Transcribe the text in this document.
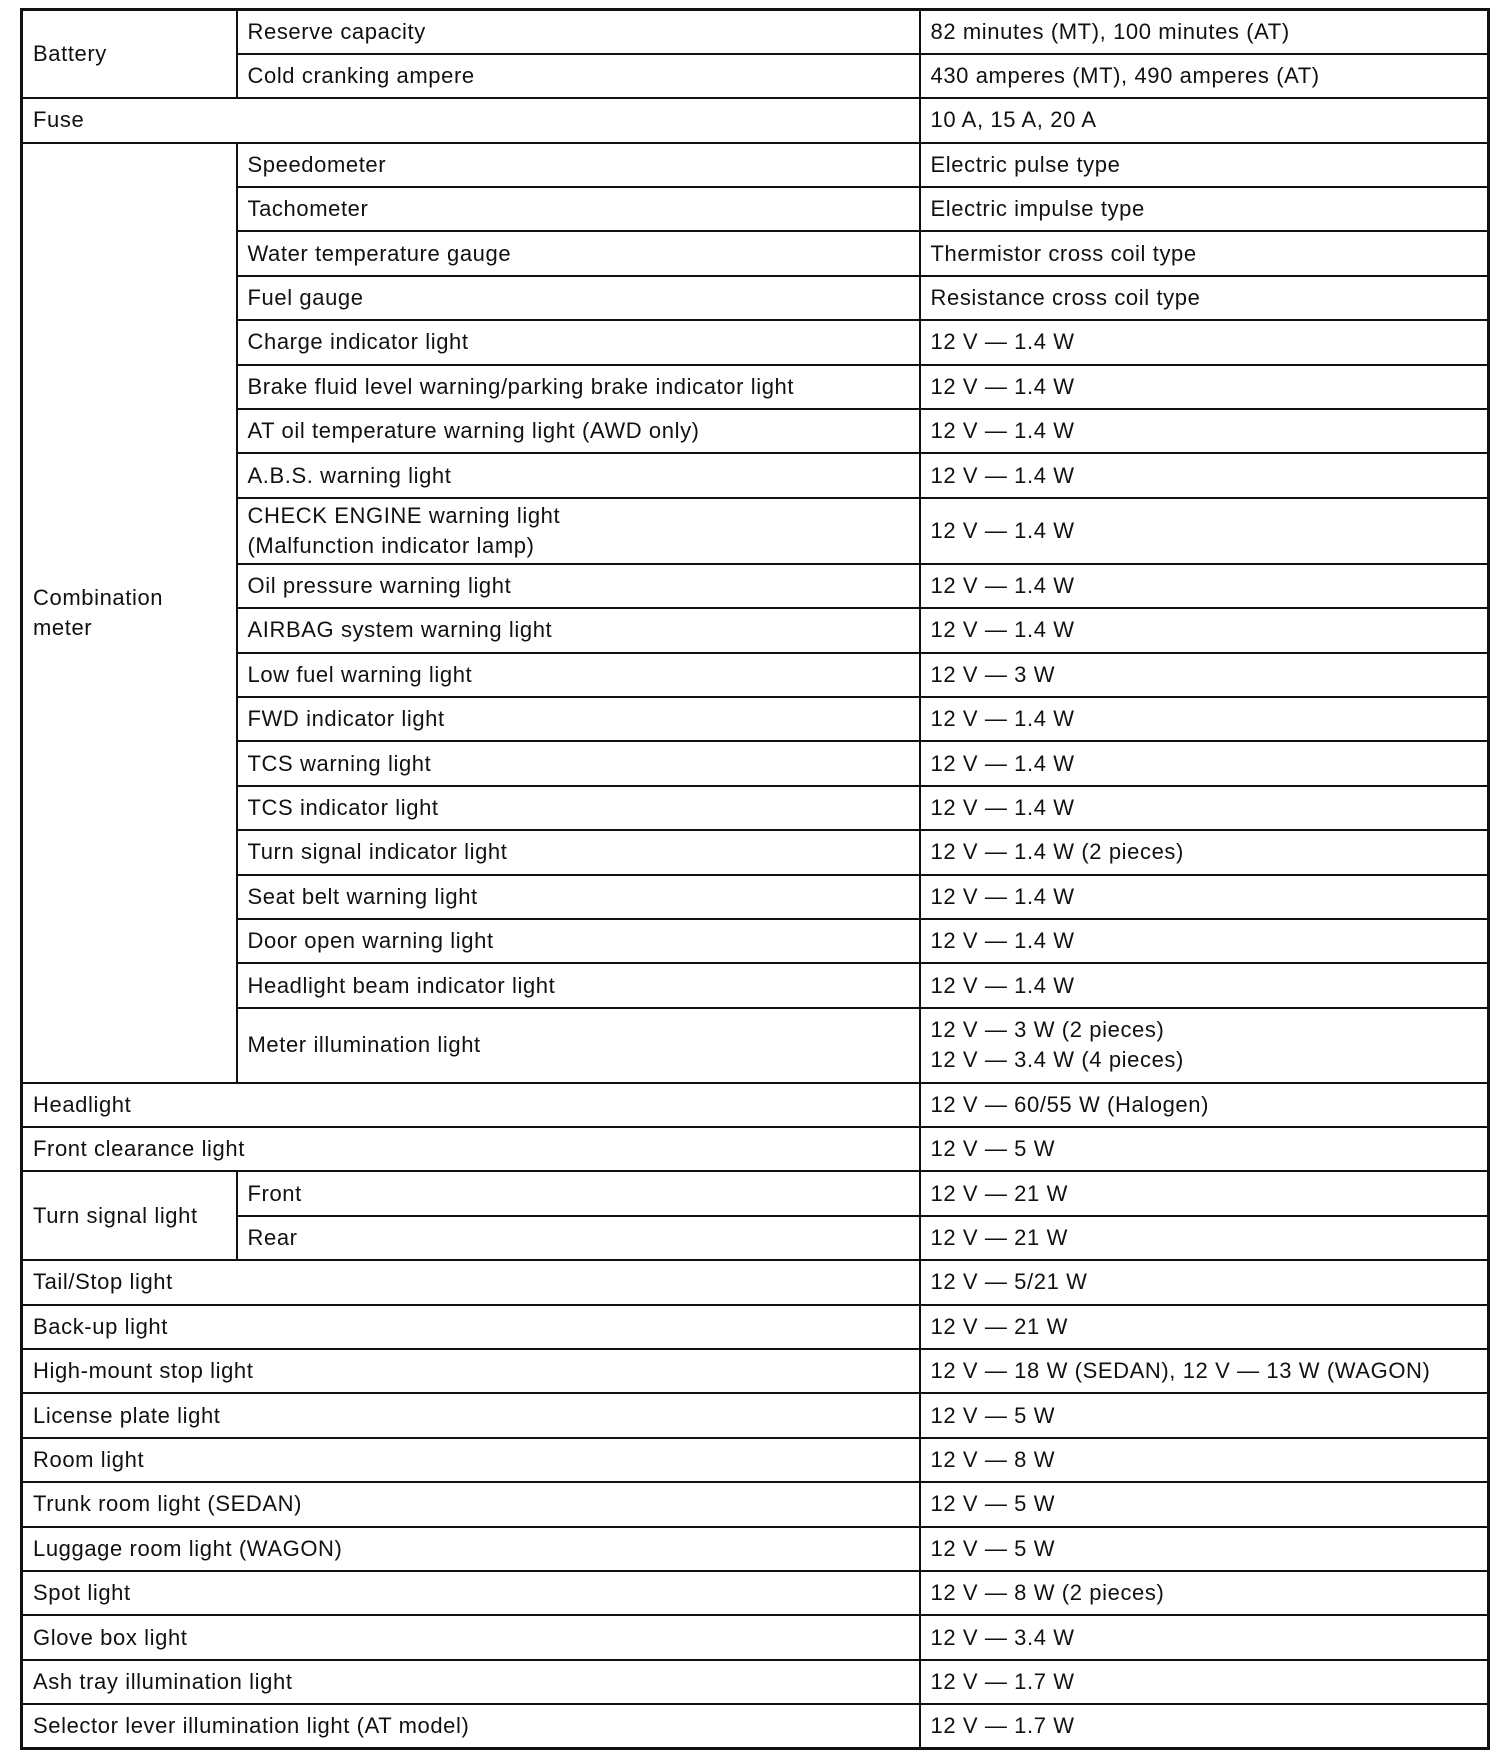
Battery	Reserve capacity	82 minutes (MT), 100 minutes (AT)
	Cold cranking ampere	430 amperes (MT), 490 amperes (AT)
Fuse		10 A, 15 A, 20 A

Combination
meter	Speedometer	Electric pulse type
	Tachometer	Electric impulse type
	Water temperature gauge	Thermistor cross coil type
	Fuel gauge	Resistance cross coil type
	Charge indicator light	12 V — 1.4 W
	Brake fluid level warning/parking brake indicator light	12 V — 1.4 W
	AT oil temperature warning light (AWD only)	12 V — 1.4 W
	A.B.S. warning light	12 V — 1.4 W

	CHECK ENGINE warning light
(Malfunction indicator lamp)	12 V — 1.4 W
	Oil pressure warning light	12 V — 1.4 W
	AIRBAG system warning light	12 V — 1.4 W
	Low fuel warning light	12 V — 3 W
	FWD indicator light	12 V — 1.4 W
	TCS warning light	12 V — 1.4 W
	TCS indicator light	12 V — 1.4 W
	Turn signal indicator light	12 V — 1.4 W (2 pieces)
	Seat belt warning light	12 V — 1.4 W
	Door open warning light	12 V — 1.4 W
	Headlight beam indicator light	12 V — 1.4 W
	Meter illumination light	12 V — 3 W (2 pieces)
12 V — 3.4 W (4 pieces)

Headlight		12 V — 60/55 W (Halogen)
Front clearance light		12 V — 5 W
Turn signal light	Front	12 V — 21 W
	Rear	12 V — 21 W
Tail/Stop light		12 V — 5/21 W
Back-up light		12 V — 21 W
High-mount stop light		12 V — 18 W (SEDAN), 12 V — 13 W (WAGON)
License plate light		12 V — 5 W
Room light		12 V — 8 W
Trunk room light (SEDAN)		12 V — 5 W
Luggage room light (WAGON)		12 V — 5 W
Spot light		12 V — 8 W (2 pieces)
Glove box light		12 V — 3.4 W
Ash tray illumination light		12 V — 1.7 W
Selector lever illumination light (AT model)		12 V — 1.7 W
